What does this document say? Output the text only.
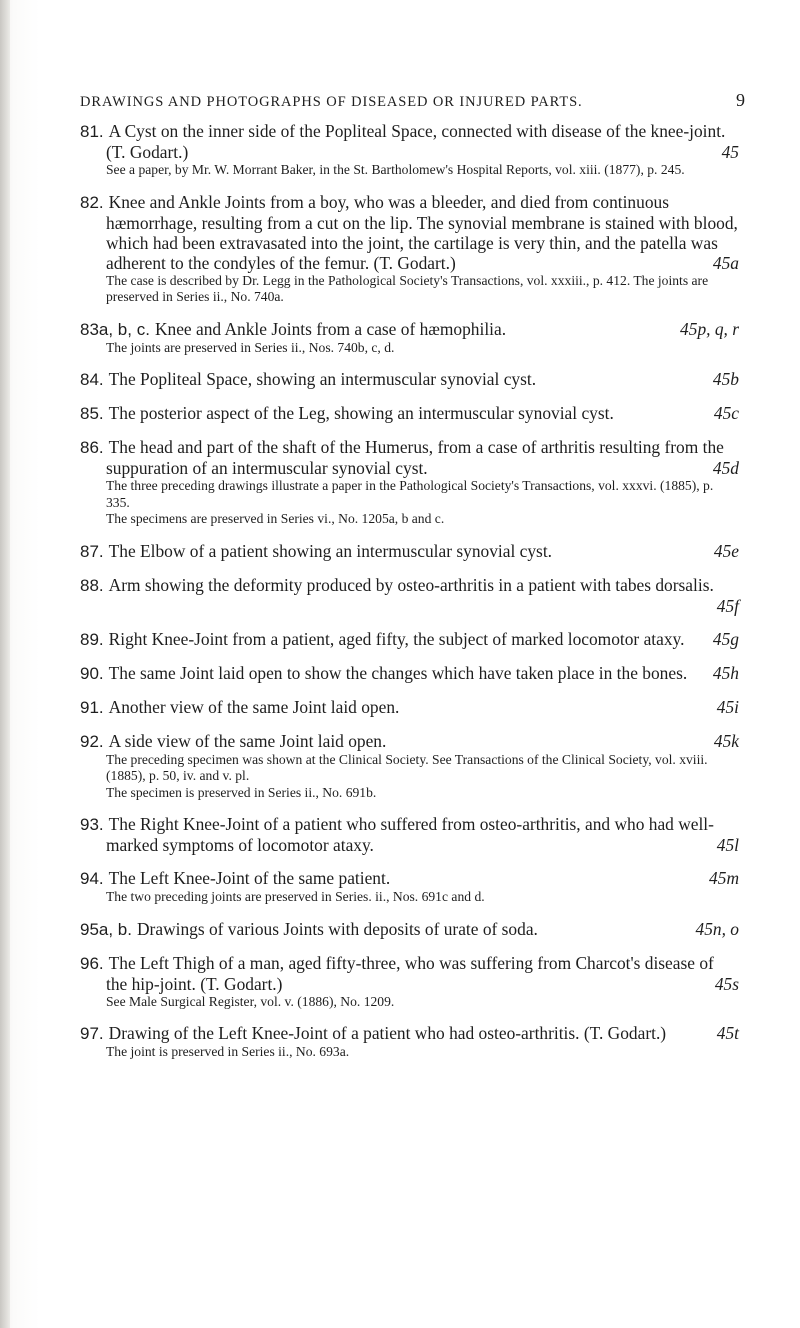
DRAWINGS AND PHOTOGRAPHS OF DISEASED OR INJURED PARTS.	9
81. A Cyst on the inner side of the Popliteal Space, connected with disease of the knee-joint. (T. Godart.)	45

See a paper, by Mr. W. Morrant Baker, in the St. Bartholomew's Hospital Reports, vol. xiii. (1877), p. 245.

82. Knee and Ankle Joints from a boy, who was a bleeder, and died from continuous hæmorrhage, resulting from a cut on the lip. The synovial membrane is stained with blood, which had been extravasated into the joint, the cartilage is very thin, and the patella was adherent to the condyles of the femur. (T. Godart.)	45a

The case is described by Dr. Legg in the Pathological Society's Transactions, vol. xxxiii., p. 412. The joints are preserved in Series ii., No. 740a.

83a, b, c. Knee and Ankle Joints from a case of hæmophilia.	45p, q, r

The joints are preserved in Series ii., Nos. 740b, c, d.

84. The Popliteal Space, showing an intermuscular synovial cyst.	45b
85. The posterior aspect of the Leg, showing an intermuscular synovial cyst.	45c
86. The head and part of the shaft of the Humerus, from a case of arthritis resulting from the suppuration of an intermuscular synovial cyst.	45d

The three preceding drawings illustrate a paper in the Pathological Society's Transactions, vol. xxxvi. (1885), p. 335.

The specimens are preserved in Series vi., No. 1205a, b and c.

87. The Elbow of a patient showing an intermuscular synovial cyst.	45e
88. Arm showing the deformity produced by osteo-arthritis in a patient with tabes dorsalis.
45f
89. Right Knee-Joint from a patient, aged fifty, the subject of marked locomotor ataxy. 45g
90. The same Joint laid open to show the changes which have taken place in the bones. 45h
91. Another view of the same Joint laid open.	45i
92. A side view of the same Joint laid open.	45k

The preceding specimen was shown at the Clinical Society. See Transactions of the Clinical Society, vol. xviii. (1885), p. 50, iv. and v. pl.

The specimen is preserved in Series ii., No. 691b.

93. The Right Knee-Joint of a patient who suffered from osteo-arthritis, and who had well-marked symptoms of locomotor ataxy.	45l
94. The Left Knee-Joint of the same patient.	45m

The two preceding joints are preserved in Series. ii., Nos. 691c and d.

95a, b. Drawings of various Joints with deposits of urate of soda.	45n, o
96. The Left Thigh of a man, aged fifty-three, who was suffering from Charcot's disease of the hip-joint. (T. Godart.)	45s

See Male Surgical Register, vol. v. (1886), No. 1209.

97. Drawing of the Left Knee-Joint of a patient who had osteo-arthritis. (T. Godart.)	45t

The joint is preserved in Series ii., No. 693a.
